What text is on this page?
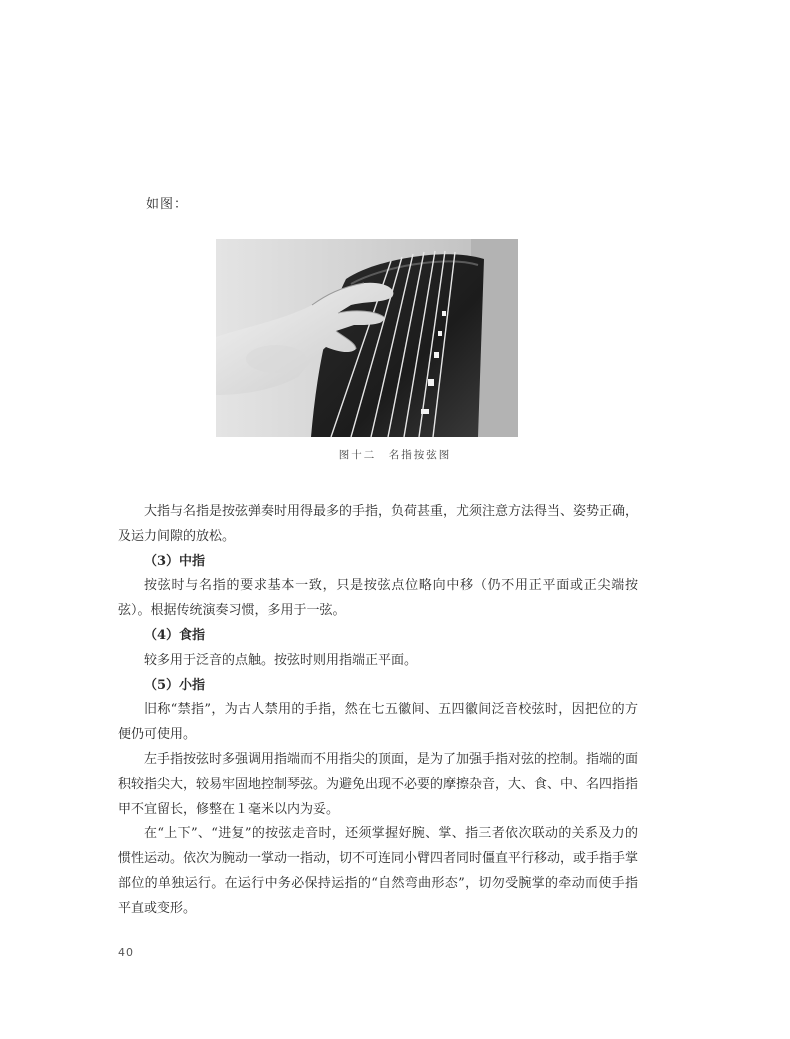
如图：
图十二　名指按弦图

大指与名指是按弦弹奏时用得最多的手指，负荷甚重，尤须注意方法得当、姿势正确，及运力间隙的放松。

（3）中指

按弦时与名指的要求基本一致，只是按弦点位略向中移（仍不用正平面或正尖端按弦）。根据传统演奏习惯，多用于一弦。

（4）食指

较多用于泛音的点触。按弦时则用指端正平面。

（5）小指

旧称“禁指”，为古人禁用的手指，然在七五徽间、五四徽间泛音校弦时，因把位的方便仍可使用。

左手指按弦时多强调用指端而不用指尖的顶面，是为了加强手指对弦的控制。指端的面积较指尖大，较易牢固地控制琴弦。为避免出现不必要的摩擦杂音，大、食、中、名四指指甲不宜留长，修整在１毫米以内为妥。

在“上下”、“进复”的按弦走音时，还须掌握好腕、掌、指三者依次联动的关系及力的惯性运动。依次为腕动一掌动一指动，切不可连同小臂四者同时僵直平行移动，或手指手掌部位的单独运行。在运行中务必保持运指的“自然弯曲形态”，切勿受腕掌的牵动而使手指平直或变形。

40
